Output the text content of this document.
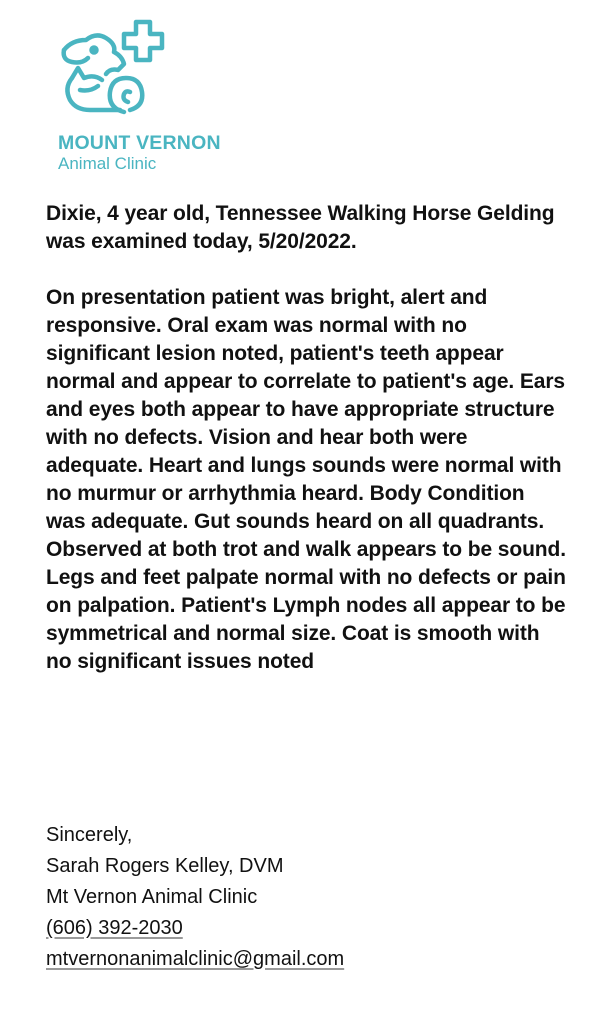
MOUNT VERNON
Animal Clinic

Dixie, 4 year old, Tennessee Walking Horse Gelding was examined today, 5/20/2022.

On presentation patient was bright, alert and responsive. Oral exam was normal with no significant lesion noted, patient's teeth appear normal and appear to correlate to patient's age. Ears and eyes both appear to have appropriate structure with no defects. Vision and hear both were adequate. Heart and lungs sounds were normal with no murmur or arrhythmia heard. Body Condition was adequate. Gut sounds heard on all quadrants. Observed at both trot and walk appears to be sound. Legs and feet palpate normal with no defects or pain on palpation. Patient's Lymph nodes all appear to be symmetrical and normal size. Coat is smooth with no significant issues noted

Sincerely,
Sarah Rogers Kelley, DVM
Mt Vernon Animal Clinic
(606) 392-2030
mtvernonanimalclinic@gmail.com
